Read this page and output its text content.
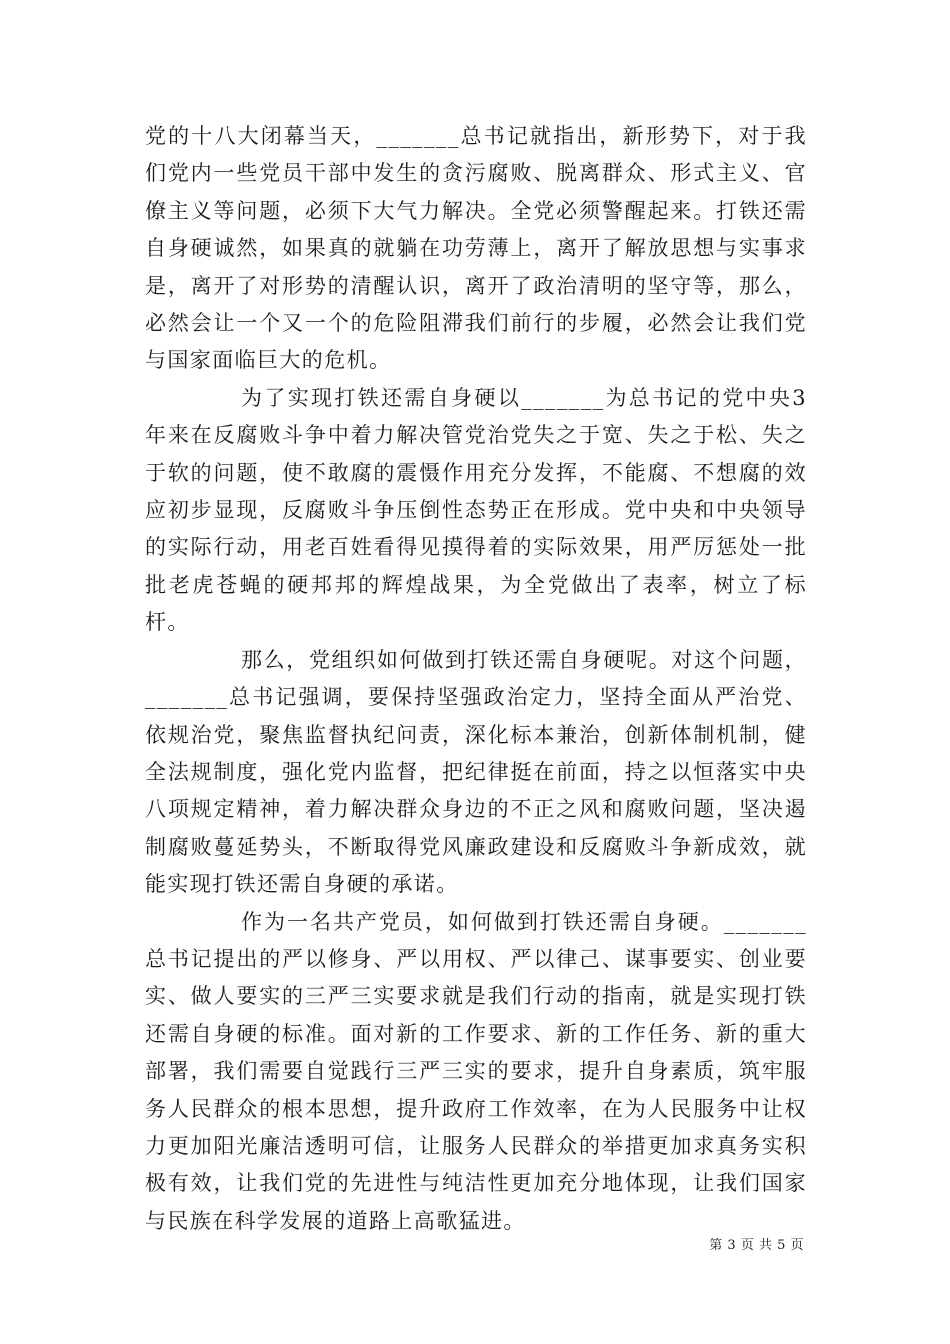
党的十八大闭幕当天，_______总书记就指出，新形势下，对于我们党内一些党员干部中发生的贪污腐败、脱离群众、形式主义、官僚主义等问题，必须下大气力解决。全党必须警醒起来。打铁还需自身硬诚然，如果真的就躺在功劳薄上，离开了解放思想与实事求是，离开了对形势的清醒认识，离开了政治清明的坚守等，那么，必然会让一个又一个的危险阻滞我们前行的步履，必然会让我们党与国家面临巨大的危机。

为了实现打铁还需自身硬以_______为总书记的党中央3年来在反腐败斗争中着力解决管党治党失之于宽、失之于松、失之于软的问题，使不敢腐的震慑作用充分发挥，不能腐、不想腐的效应初步显现，反腐败斗争压倒性态势正在形成。党中央和中央领导的实际行动，用老百姓看得见摸得着的实际效果，用严厉惩处一批批老虎苍蝇的硬邦邦的辉煌战果，为全党做出了表率，树立了标杆。

那么，党组织如何做到打铁还需自身硬呢。对这个问题，_______总书记强调，要保持坚强政治定力，坚持全面从严治党、依规治党，聚焦监督执纪问责，深化标本兼治，创新体制机制，健全法规制度，强化党内监督，把纪律挺在前面，持之以恒落实中央八项规定精神，着力解决群众身边的不正之风和腐败问题，坚决遏制腐败蔓延势头，不断取得党风廉政建设和反腐败斗争新成效，就能实现打铁还需自身硬的承诺。

作为一名共产党员，如何做到打铁还需自身硬。_______总书记提出的严以修身、严以用权、严以律己、谋事要实、创业要实、做人要实的三严三实要求就是我们行动的指南，就是实现打铁还需自身硬的标准。面对新的工作要求、新的工作任务、新的重大部署，我们需要自觉践行三严三实的要求，提升自身素质，筑牢服务人民群众的根本思想，提升政府工作效率，在为人民服务中让权力更加阳光廉洁透明可信，让服务人民群众的举措更加求真务实积极有效，让我们党的先进性与纯洁性更加充分地体现，让我们国家与民族在科学发展的道路上高歌猛进。

第 3 页 共 5 页
